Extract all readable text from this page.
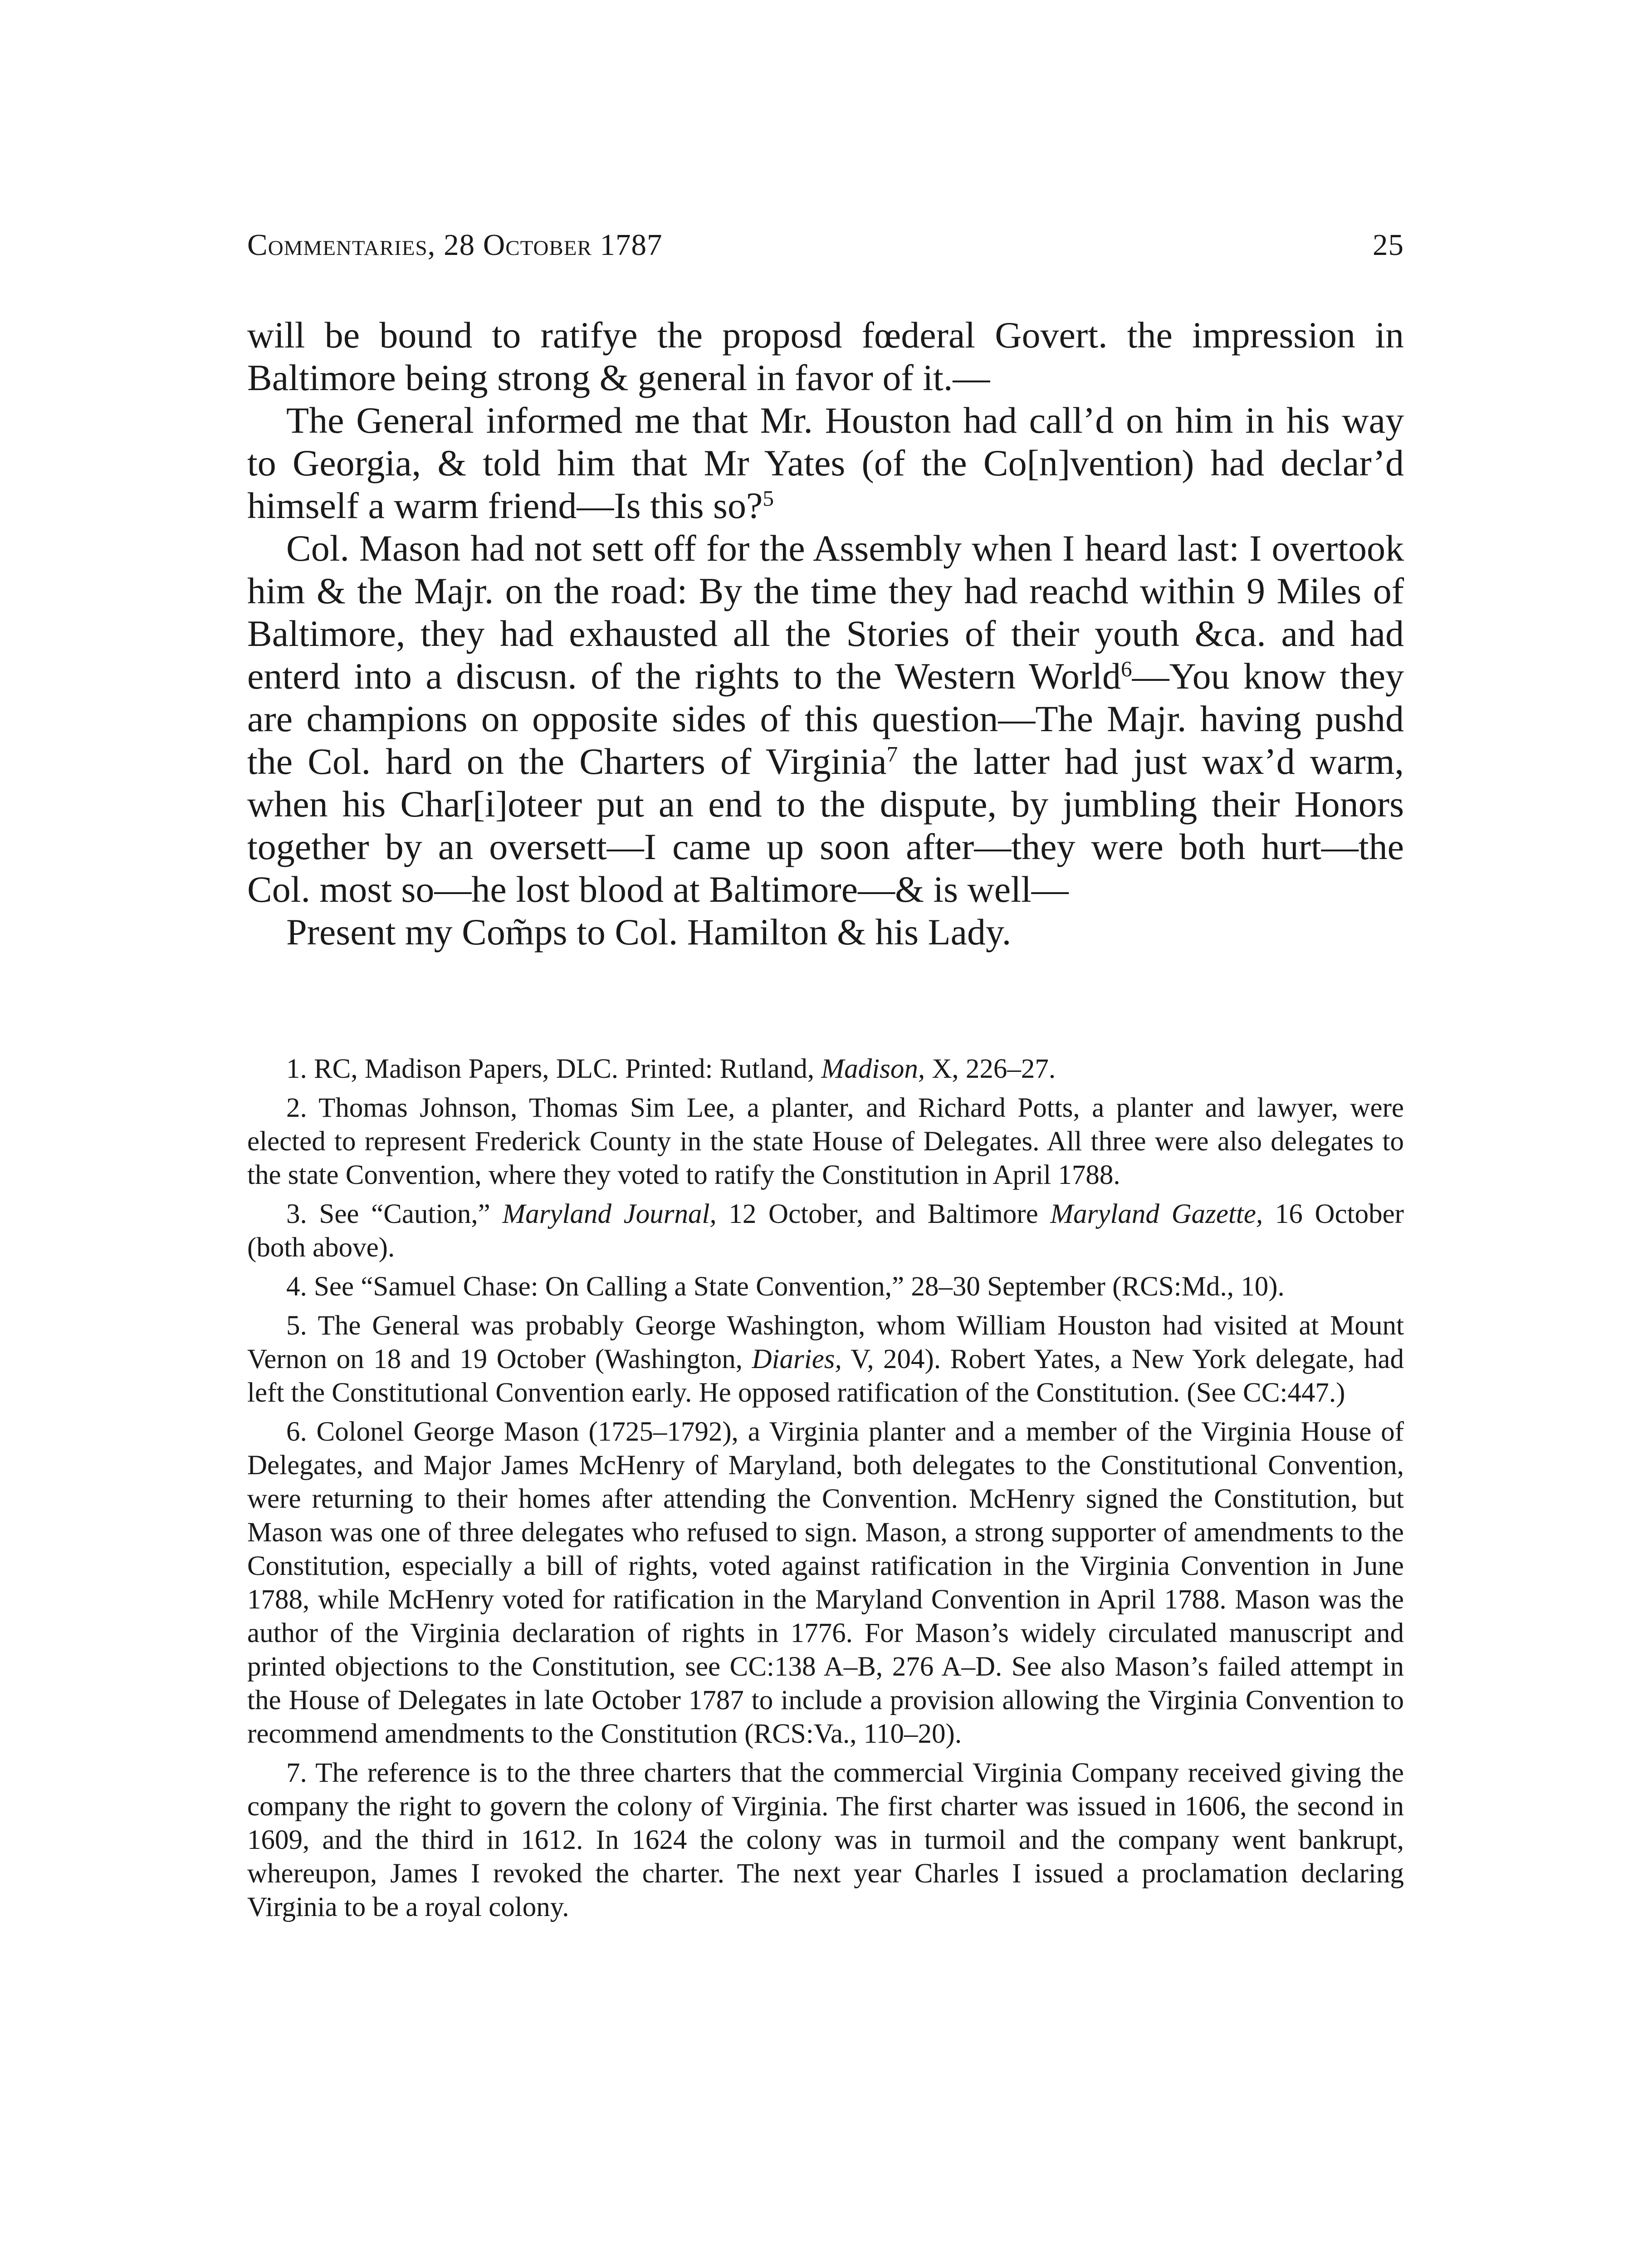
Commentaries, 28 October 1787	25

will be bound to ratifye the proposd fœderal Govert. the impression in Baltimore being strong & general in favor of it.—

The General informed me that Mr. Houston had call’d on him in his way to Georgia, & told him that Mr Yates (of the Co[n]vention) had declar’d himself a warm friend—Is this so?$^5$

Col. Mason had not sett off for the Assembly when I heard last: I overtook him & the Majr. on the road: By the time they had reachd within 9 Miles of Baltimore, they had exhausted all the Stories of their youth &ca. and had enterd into a discusn. of the rights to the Western World$^6$—You know they are champions on opposite sides of this question—The Majr. having pushd the Col. hard on the Charters of Virginia$^7$ the latter had just wax’d warm, when his Char[i]oteer put an end to the dispute, by jumbling their Honors together by an oversett—I came up soon after—they were both hurt—the Col. most so—he lost blood at Baltimore—& is well—

Present my Com̃ps to Col. Hamilton & his Lady.

1. RC, Madison Papers, DLC. Printed: Rutland, Madison, X, 226–27.

2. Thomas Johnson, Thomas Sim Lee, a planter, and Richard Potts, a planter and lawyer, were elected to represent Frederick County in the state House of Delegates. All three were also delegates to the state Convention, where they voted to ratify the Constitution in April 1788.

3. See “Caution,” Maryland Journal, 12 October, and Baltimore Maryland Gazette, 16 October (both above).

4. See “Samuel Chase: On Calling a State Convention,” 28–30 September (RCS:Md., 10).

5. The General was probably George Washington, whom William Houston had visited at Mount Vernon on 18 and 19 October (Washington, Diaries, V, 204). Robert Yates, a New York delegate, had left the Constitutional Convention early. He opposed ratification of the Constitution. (See CC:447.)

6. Colonel George Mason (1725–1792), a Virginia planter and a member of the Virginia House of Delegates, and Major James McHenry of Maryland, both delegates to the Constitutional Convention, were returning to their homes after attending the Convention. McHenry signed the Constitution, but Mason was one of three delegates who refused to sign. Mason, a strong supporter of amendments to the Constitution, especially a bill of rights, voted against ratification in the Virginia Convention in June 1788, while McHenry voted for ratification in the Maryland Convention in April 1788. Mason was the author of the Virginia declaration of rights in 1776. For Mason’s widely circulated manuscript and printed objections to the Constitution, see CC:138 A–B, 276 A–D. See also Mason’s failed attempt in the House of Delegates in late October 1787 to include a provision allowing the Virginia Convention to recommend amendments to the Constitution (RCS:Va., 110–20).

7. The reference is to the three charters that the commercial Virginia Company received giving the company the right to govern the colony of Virginia. The first charter was issued in 1606, the second in 1609, and the third in 1612. In 1624 the colony was in turmoil and the company went bankrupt, whereupon, James I revoked the charter. The next year Charles I issued a proclamation declaring Virginia to be a royal colony.
